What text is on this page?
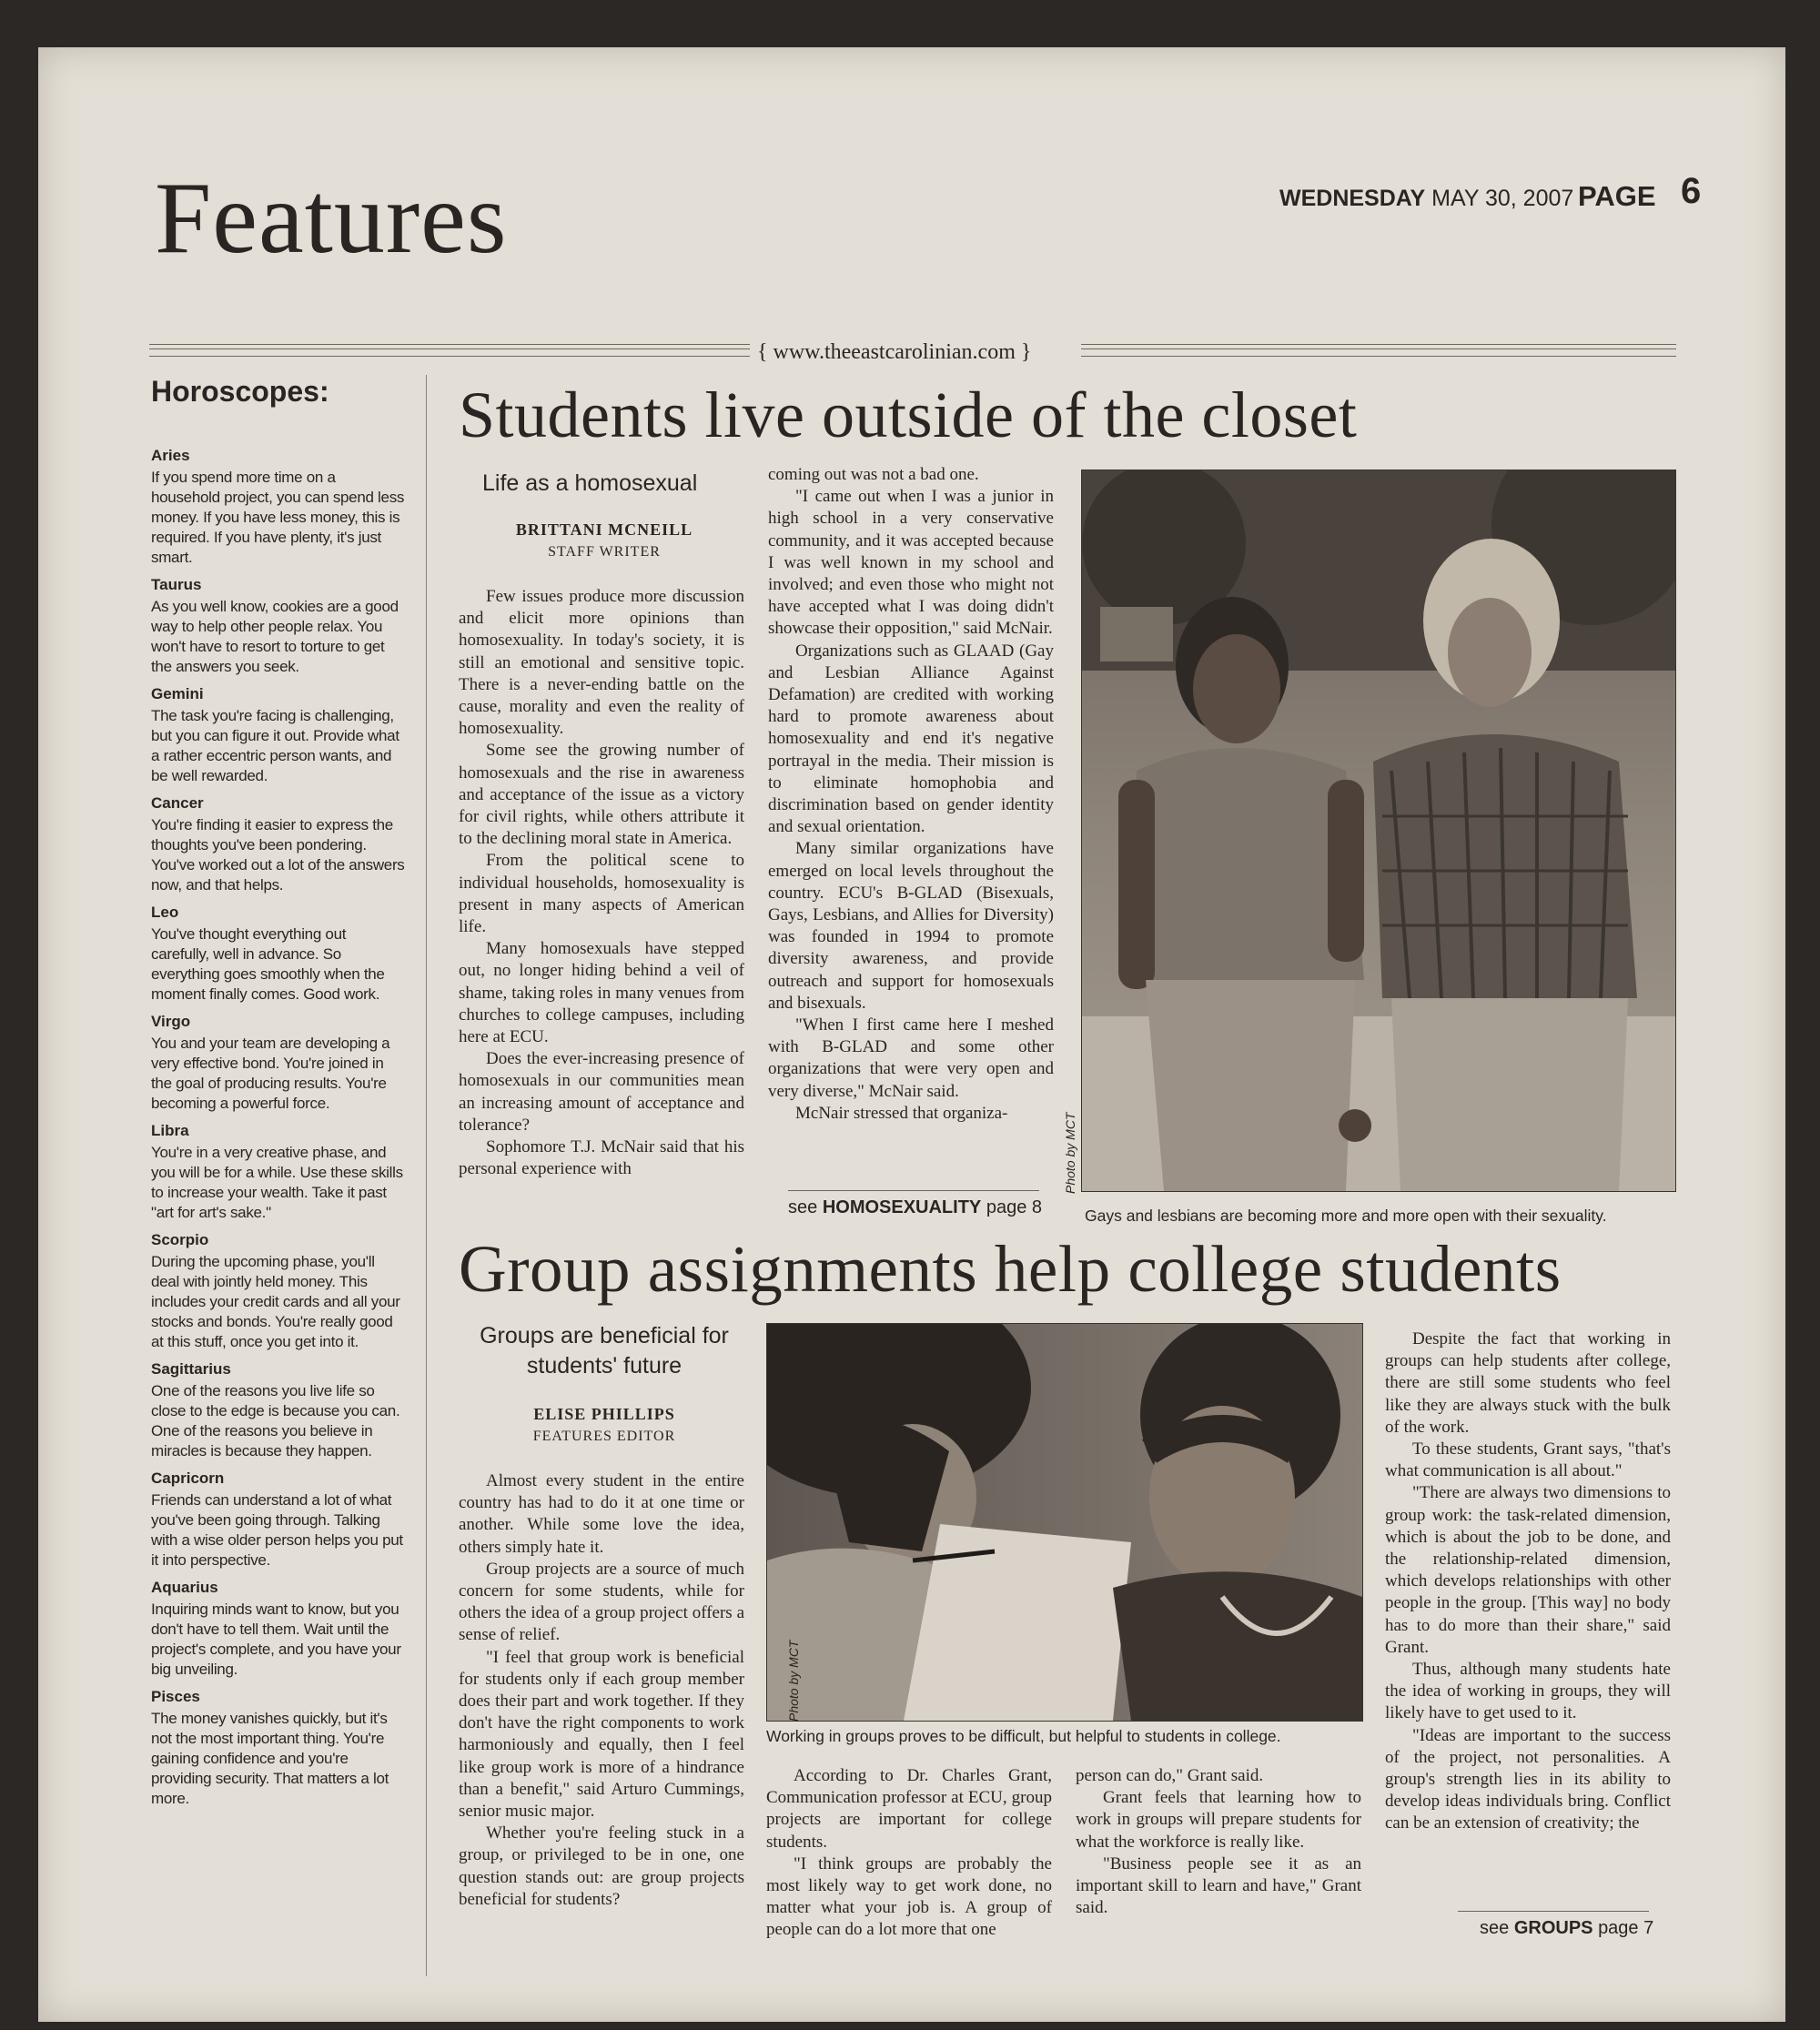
Features	WEDNESDAY MAY 30, 2007 PAGE 6
{ www.theeastcarolinian.com }
Horoscopes:
Aries
If you spend more time on a household project, you can spend less money. If you have less money, this is required. If you have plenty, it's just smart.
Taurus
As you well know, cookies are a good way to help other people relax. You won't have to resort to torture to get the answers you seek.
Gemini
The task you're facing is challenging, but you can figure it out. Provide what a rather eccentric person wants, and be well rewarded.
Cancer
You're finding it easier to express the thoughts you've been pondering. You've worked out a lot of the answers now, and that helps.
Leo
You've thought everything out carefully, well in advance. So everything goes smoothly when the moment finally comes. Good work.
Virgo
You and your team are developing a very effective bond. You're joined in the goal of producing results. You're becoming a powerful force.
Libra
You're in a very creative phase, and you will be for a while. Use these skills to increase your wealth. Take it past "art for art's sake."
Scorpio
During the upcoming phase, you'll deal with jointly held money. This includes your credit cards and all your stocks and bonds. You're really good at this stuff, once you get into it.
Sagittarius
One of the reasons you live life so close to the edge is because you can. One of the reasons you believe in miracles is because they happen.
Capricorn
Friends can understand a lot of what you've been going through. Talking with a wise older person helps you put it into perspective.
Aquarius
Inquiring minds want to know, but you don't have to tell them. Wait until the project's complete, and you have your big unveiling.
Pisces
The money vanishes quickly, but it's not the most important thing. You're gaining confidence and you're providing security. That matters a lot more.
Students live outside of the closet
Life as a homosexual
BRITTANI MCNEILL
STAFF WRITER

Few issues produce more discussion and elicit more opinions than homosexuality. In today's society, it is still an emotional and sensitive topic. There is a never-ending battle on the cause, morality and even the reality of homosexuality.

Some see the growing number of homosexuals and the rise in awareness and acceptance of the issue as a victory for civil rights, while others attribute it to the declining moral state in America.

From the political scene to individual households, homosexuality is present in many aspects of American life.

Many homosexuals have stepped out, no longer hiding behind a veil of shame, taking roles in many venues from churches to college campuses, including here at ECU.

Does the ever-increasing presence of homosexuals in our communities mean an increasing amount of acceptance and tolerance?

Sophomore T.J. McNair said that his personal experience with

coming out was not a bad one.

"I came out when I was a junior in high school in a very conservative community, and it was accepted because I was well known in my school and involved; and even those who might not have accepted what I was doing didn't showcase their opposition," said McNair.

Organizations such as GLAAD (Gay and Lesbian Alliance Against Defamation) are credited with working hard to promote awareness about homosexuality and end it's negative portrayal in the media. Their mission is to eliminate homophobia and discrimination based on gender identity and sexual orientation.

Many similar organizations have emerged on local levels throughout the country. ECU's B-GLAD (Bisexuals, Gays, Lesbians, and Allies for Diversity) was founded in 1994 to promote diversity awareness, and provide outreach and support for homosexuals and bisexuals.

"When I first came here I meshed with B-GLAD and some other organizations that were very open and very diverse," McNair said.

McNair stressed that organiza-

see HOMOSEXUALITY page 8
Photo by MCT
Gays and lesbians are becoming more and more open with their sexuality.
Group assignments help college students
Groups are beneficial for
students' future
ELISE PHILLIPS
FEATURES EDITOR

Almost every student in the entire country has had to do it at one time or another. While some love the idea, others simply hate it.

Group projects are a source of much concern for some students, while for others the idea of a group project offers a sense of relief.

"I feel that group work is beneficial for students only if each group member does their part and work together. If they don't have the right components to work harmoniously and equally, then I feel like group work is more of a hindrance than a benefit," said Arturo Cummings, senior music major.

Whether you're feeling stuck in a group, or privileged to be in one, one question stands out: are group projects beneficial for students?

Photo by MCT
Working in groups proves to be difficult, but helpful to students in college.

According to Dr. Charles Grant, Communication professor at ECU, group projects are important for college students.

"I think groups are probably the most likely way to get work done, no matter what your job is. A group of people can do a lot more that one

person can do," Grant said.

Grant feels that learning how to work in groups will prepare students for what the workforce is really like.

"Business people see it as an important skill to learn and have," Grant said.

Despite the fact that working in groups can help students after college, there are still some students who feel like they are always stuck with the bulk of the work.

To these students, Grant says, "that's what communication is all about."

"There are always two dimensions to group work: the task-related dimension, which is about the job to be done, and the relationship-related dimension, which develops relationships with other people in the group. [This way] no body has to do more than their share," said Grant.

Thus, although many students hate the idea of working in groups, they will likely have to get used to it.

"Ideas are important to the success of the project, not personalities. A group's strength lies in its ability to develop ideas individuals bring. Conflict can be an extension of creativity; the

see GROUPS page 7
